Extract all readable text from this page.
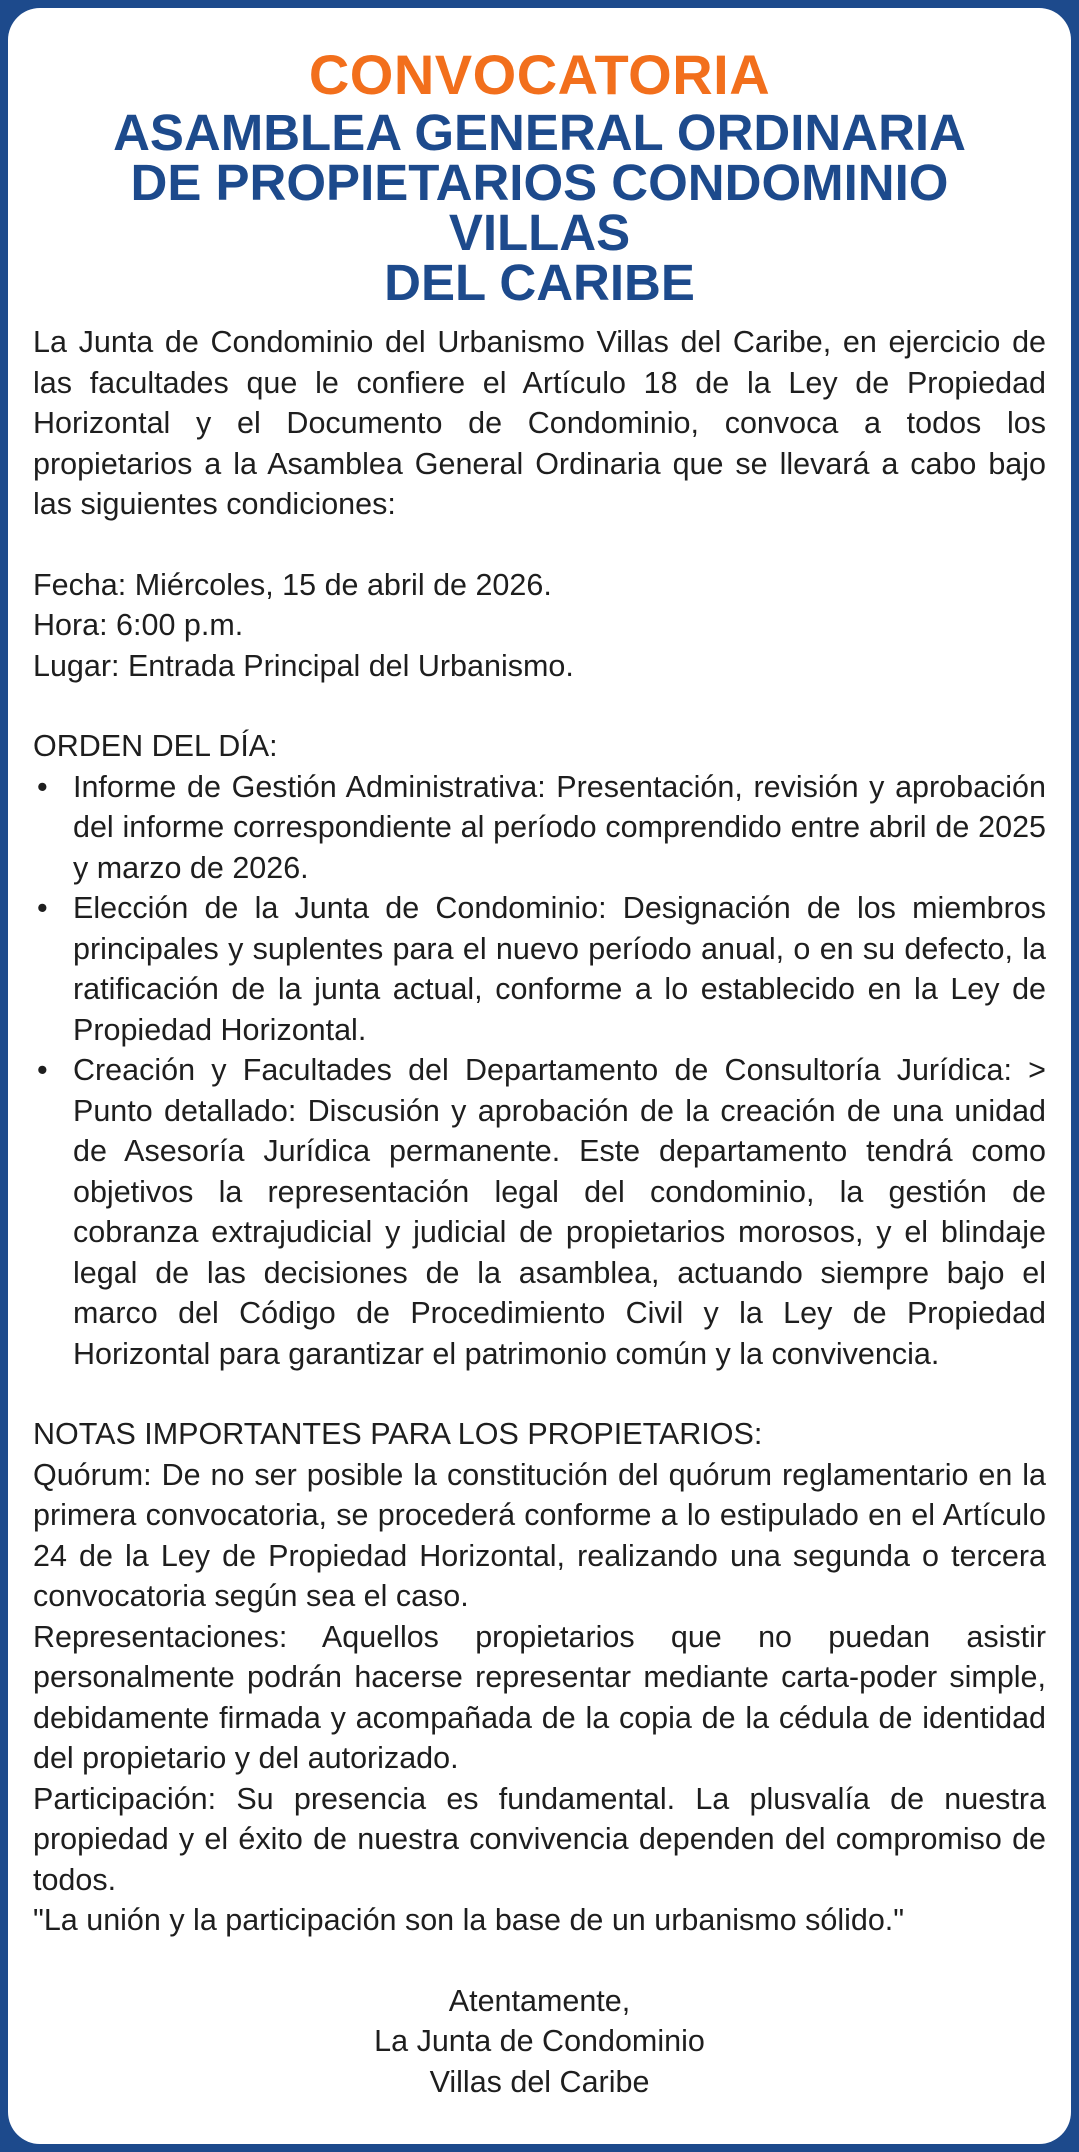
CONVOCATORIA
ASAMBLEA GENERAL ORDINARIA
DE PROPIETARIOS CONDOMINIO VILLAS
DEL CARIBE

La Junta de Condominio del Urbanismo Villas del Caribe, en ejercicio de las facultades que le confiere el Artículo 18 de la Ley de Propiedad Horizontal y el Documento de Condominio, convoca a todos los propietarios a la Asamblea General Ordinaria que se llevará a cabo bajo las siguientes condiciones:

Fecha: Miércoles, 15 de abril de 2026.

Hora: 6:00 p.m.

Lugar: Entrada Principal del Urbanismo.

ORDEN DEL DÍA:

• Informe de Gestión Administrativa: Presentación, revisión y aprobación del informe correspondiente al período comprendido entre abril de 2025 y marzo de 2026.
• Elección de la Junta de Condominio: Designación de los miembros principales y suplentes para el nuevo período anual, o en su defecto, la ratificación de la junta actual, conforme a lo establecido en la Ley de Propiedad Horizontal.
• Creación y Facultades del Departamento de Consultoría Jurídica: > Punto detallado: Discusión y aprobación de la creación de una unidad de Asesoría Jurídica permanente. Este departamento tendrá como objetivos la representación legal del condominio, la gestión de cobranza extrajudicial y judicial de propietarios morosos, y el blindaje legal de las decisiones de la asamblea, actuando siempre bajo el marco del Código de Procedimiento Civil y la Ley de Propiedad Horizontal para garantizar el patrimonio común y la convivencia.

NOTAS IMPORTANTES PARA LOS PROPIETARIOS:

Quórum: De no ser posible la constitución del quórum reglamentario en la primera convocatoria, se procederá conforme a lo estipulado en el Artículo 24 de la Ley de Propiedad Horizontal, realizando una segunda o tercera convocatoria según sea el caso.

Representaciones: Aquellos propietarios que no puedan asistir personalmente podrán hacerse representar mediante carta-poder simple, debidamente firmada y acompañada de la copia de la cédula de identidad del propietario y del autorizado.

Participación: Su presencia es fundamental. La plusvalía de nuestra propiedad y el éxito de nuestra convivencia dependen del compromiso de todos.

"La unión y la participación son la base de un urbanismo sólido."

Atentamente,
La Junta de Condominio
Villas del Caribe
